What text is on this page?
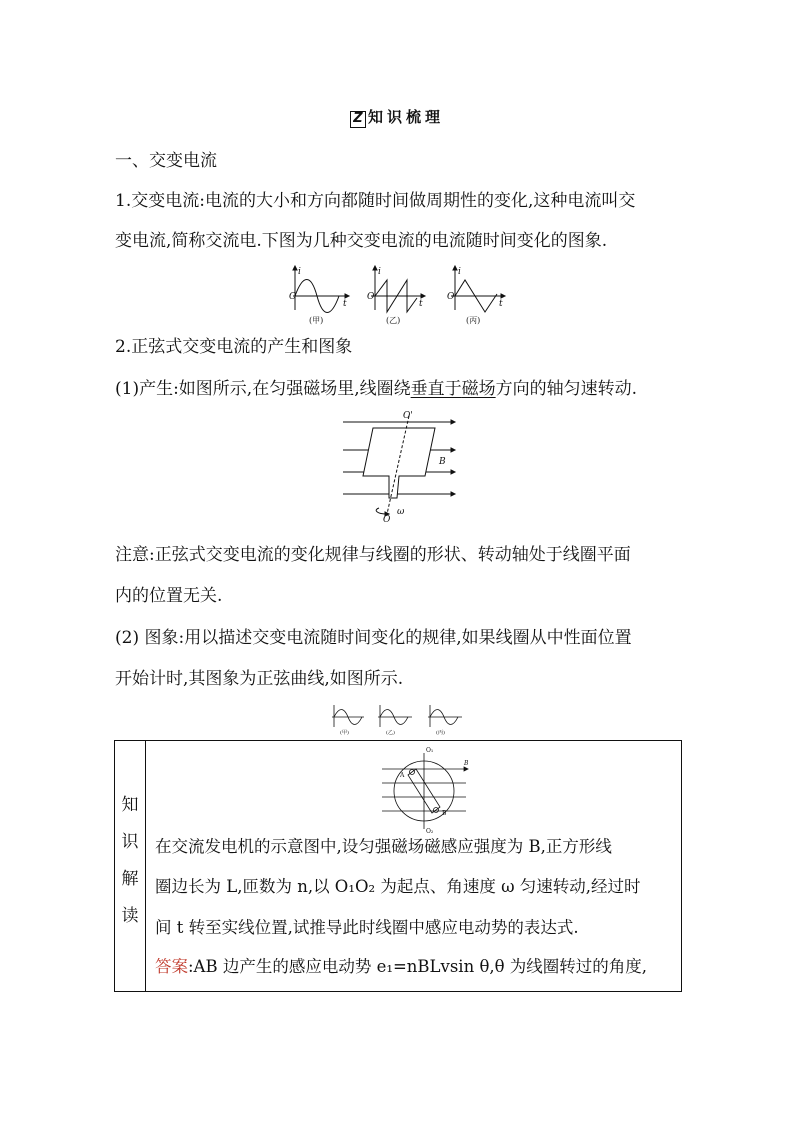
Z 知识梳理
一、交变电流
1.交变电流:电流的大小和方向都随时间做周期性的变化,这种电流叫交
变电流,简称交流电.下图为几种交变电流的电流随时间变化的图象.
O
i
t
(甲)
O
i
t
(乙)
O
i
t
(丙)
2.正弦式交变电流的产生和图象
(1)产生:如图所示,在匀强磁场里,线圈绕垂直于磁场方向的轴匀速转动.
O'
B
ω
O
注意:正弦式交变电流的变化规律与线圈的形状、转动轴处于线圈平面
内的位置无关.
(2) 图象:用以描述交变电流随时间变化的规律,如果线圈从中性面位置
开始计时,其图象为正弦曲线,如图所示.
(甲)	(乙)	(丙)
知
识
解
读

O₁
O₂
A
B
B
在交流发电机的示意图中,设匀强磁场磁感应强度为 B,正方形线
圈边长为 L,匝数为 n,以 O₁O₂ 为起点、角速度 ω 匀速转动,经过时
间 t 转至实线位置,试推导此时线圈中感应电动势的表达式.
答案:AB 边产生的感应电动势 e₁=nBLvsin θ,θ 为线圈转过的角度,
